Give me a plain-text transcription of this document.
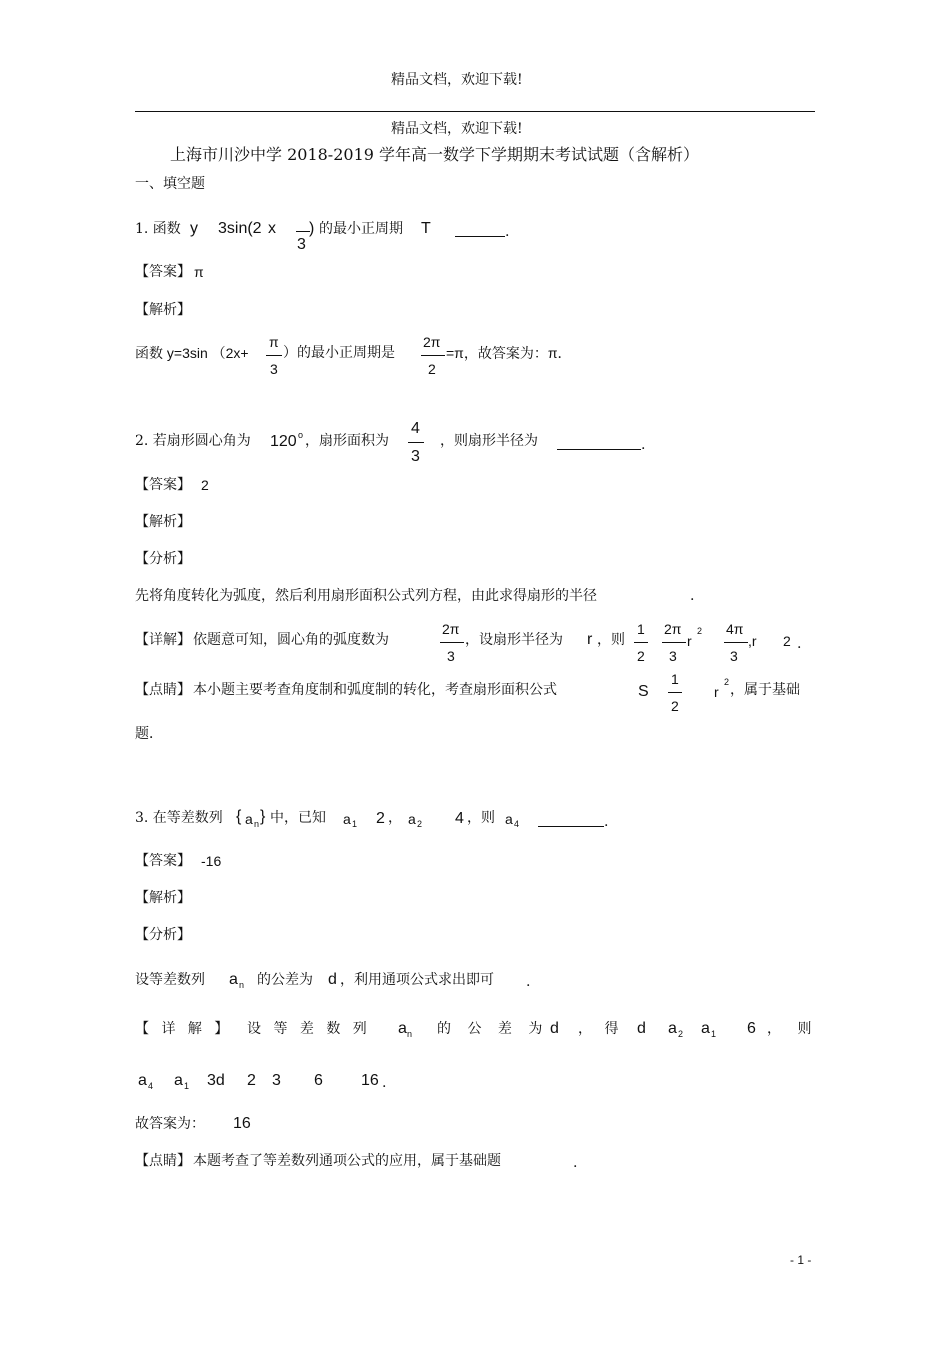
精品文档，欢迎下载!
精品文档，欢迎下载!
上海市川沙中学 2018-2019 学年高一数学下学期期末考试试题（含解析）
一、填空题
1. 函数 y 3sin(2 x
3
) 的最小正周期 T	.
【答案】 π
【解析】
函数 y=3sin （2x+
π
3
）的最小正周期是
2π
2
=π，故答案为：π．
2. 若扇形圆心角为 120 o ，扇形面积为
4
3
，则扇形半径为	.
【答案】 2
【解析】
【分析】
先将角度转化为弧度，然后利用扇形面积公式列方程，由此求得扇形的半径	.
【详解】 依题意可知，圆心角的弧度数为
2π
3
，设扇形半径为 r ，则
1
2
2π
3
r
2 4π
3
,r 2 .
【点睛】 本小题主要考查角度制和弧度制的转化，考查扇形面积公式	S
1
2
r
2 ，属于基础
题．
3. 在等差数列 { a n } 中，已知 a 1 2 ， a 2 4 ，则 a 4	.
【答案】 -16
【解析】
【分析】
设等差数列 a n 的公差为 d ，利用通项公式求出即可 .
【 详 解 】 设 等 差 数 列 a n 的 公 差 为 d ， 得 d a 2 a 1 6 ， 则
a 4 a 1 3d 2 3 6 16 .
故答案为： 16
【点睛】 本题考查了等差数列通项公式的应用，属于基础题	.
- 1 -
